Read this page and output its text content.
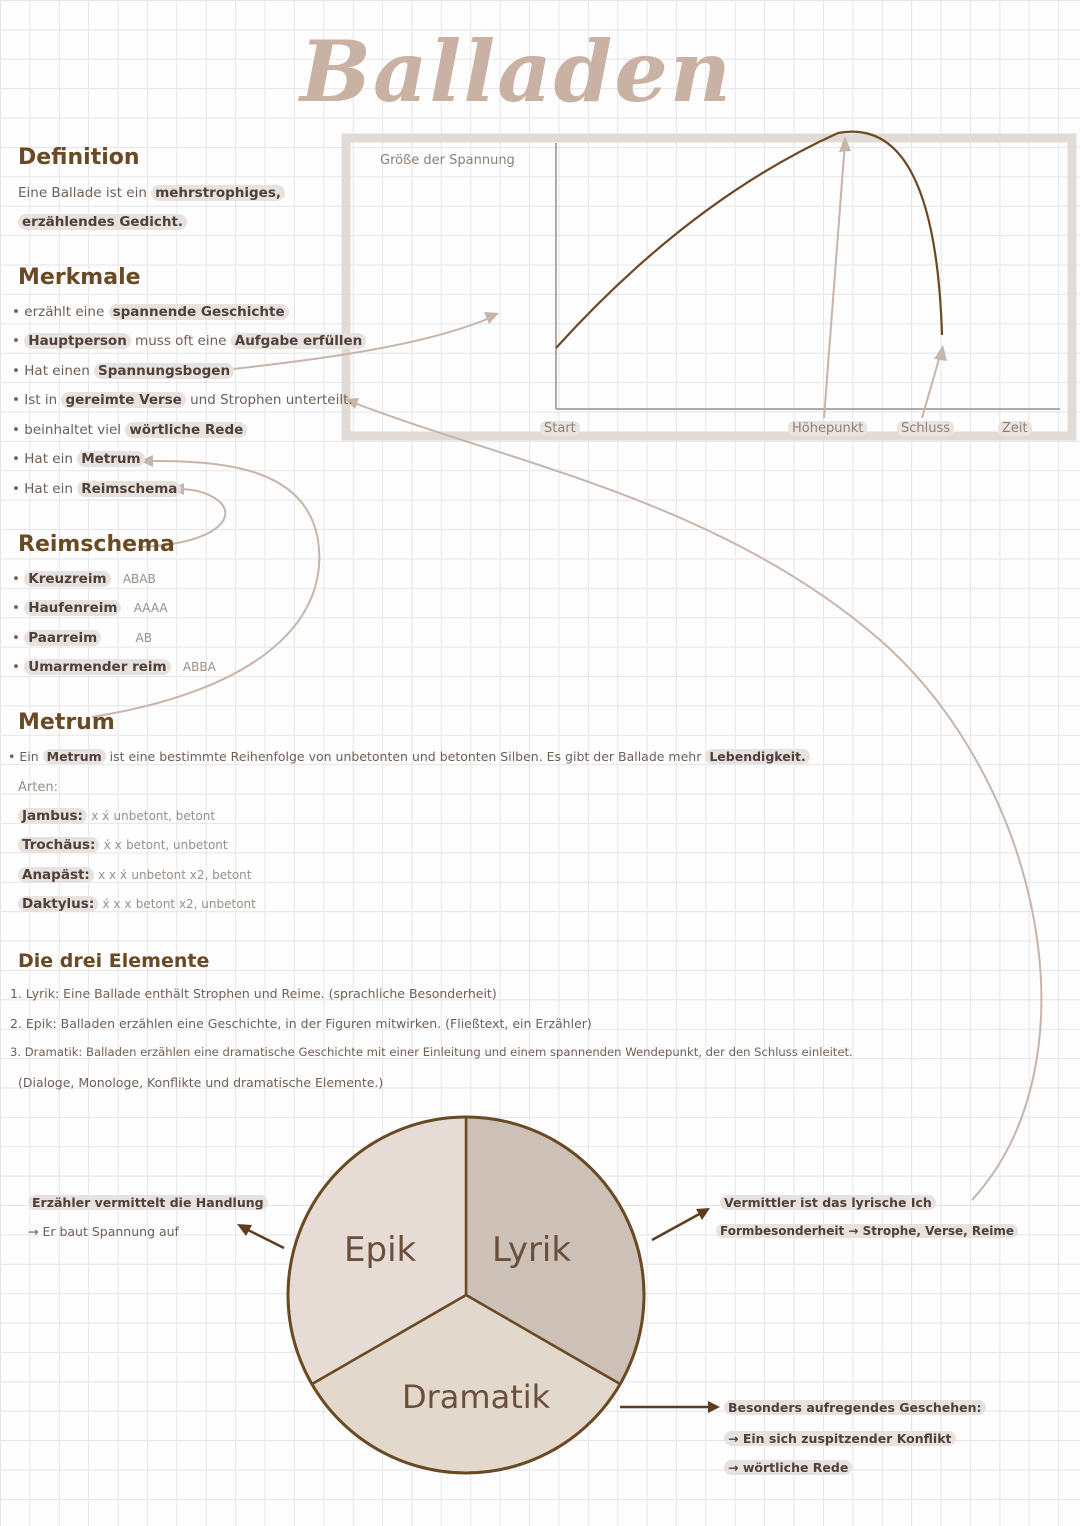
Balladen
Definition
Eine Ballade ist ein mehrstrophiges,
erzählendes Gedicht.
Merkmale
• erzählt eine spannende Geschichte
• Hauptperson muss oft eine Aufgabe erfüllen
• Hat einen Spannungsbogen
• Ist in gereimte Verse und Strophen unterteilt.
• beinhaltet viel wörtliche Rede
• Hat ein Metrum
• Hat ein Reimschema
Reimschema
• Kreuzreim ABAB
• Haufenreim AAAA
• Paarreim	AB
• Umarmender reim ABBA
Metrum
• Ein Metrum ist eine bestimmte Reihenfolge von unbetonten und betonten Silben. Es gibt der Ballade mehr Lebendigkeit.
Arten:
Jambus: x x́ unbetont, betont
Trochäus: x́ x betont, unbetont
Anapäst: x x x́ unbetont x2, betont
Daktylus: x́ x x betont x2, unbetont
Die drei Elemente
1. Lyrik: Eine Ballade enthält Strophen und Reime. (sprachliche Besonderheit)
2. Epik: Balladen erzählen eine Geschichte, in der Figuren mitwirken. (Fließtext, ein Erzähler)
3. Dramatik: Balladen erzählen eine dramatische Geschichte mit einer Einleitung und einem spannenden Wendepunkt, der den Schluss einleitet.
(Dialoge, Monologe, Konflikte und dramatische Elemente.)
Größe der Spannung
Start	Höhepunkt	Schluss	Zeit
Epik Lyrik
Dramatik
Erzähler vermittelt die Handlung
→ Er baut Spannung auf
Vermittler ist das lyrische Ich
Formbesonderheit → Strophe, Verse, Reime
Besonders aufregendes Geschehen:
→ Ein sich zuspitzender Konflikt
→ wörtliche Rede
